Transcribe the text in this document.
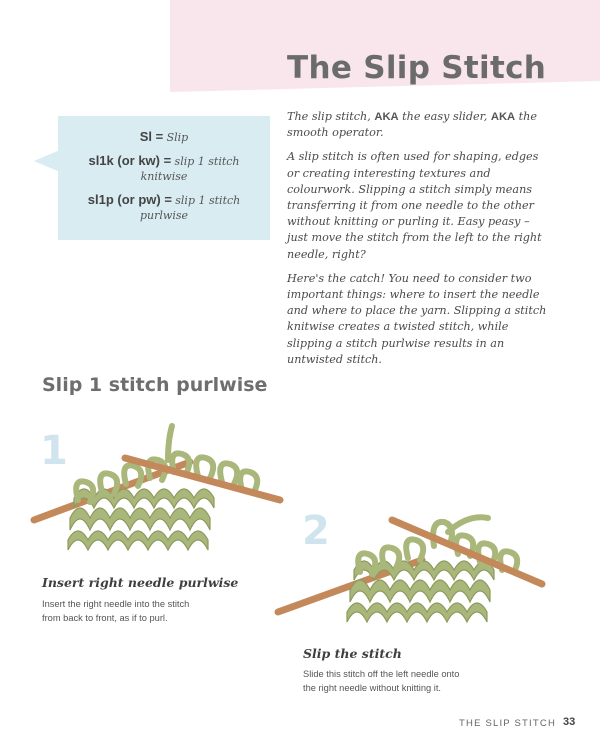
The Slip Stitch
Sl = Slip
sl1k (or kw) = slip 1 stitch
knitwise
sl1p (or pw) = slip 1 stitch
purlwise

The slip stitch, AKA the easy slider, AKA the smooth operator.

A slip stitch is often used for shaping, edges or creating interesting textures and colourwork. Slipping a stitch simply means transferring it from one needle to the other without knitting or purling it. Easy peasy – just move the stitch from the left to the right needle, right?

Here's the catch! You need to consider two important things: where to insert the needle and where to place the yarn. Slipping a stitch knitwise creates a twisted stitch, while slipping a stitch purlwise results in an untwisted stitch.

Slip 1 stitch purlwise
1
Insert right needle purlwise
Insert the right needle into the stitch
from back to front, as if to purl.
2
Slip the stitch
Slide this stitch off the left needle onto
the right needle without knitting it.
THE SLIP STITCH 33
